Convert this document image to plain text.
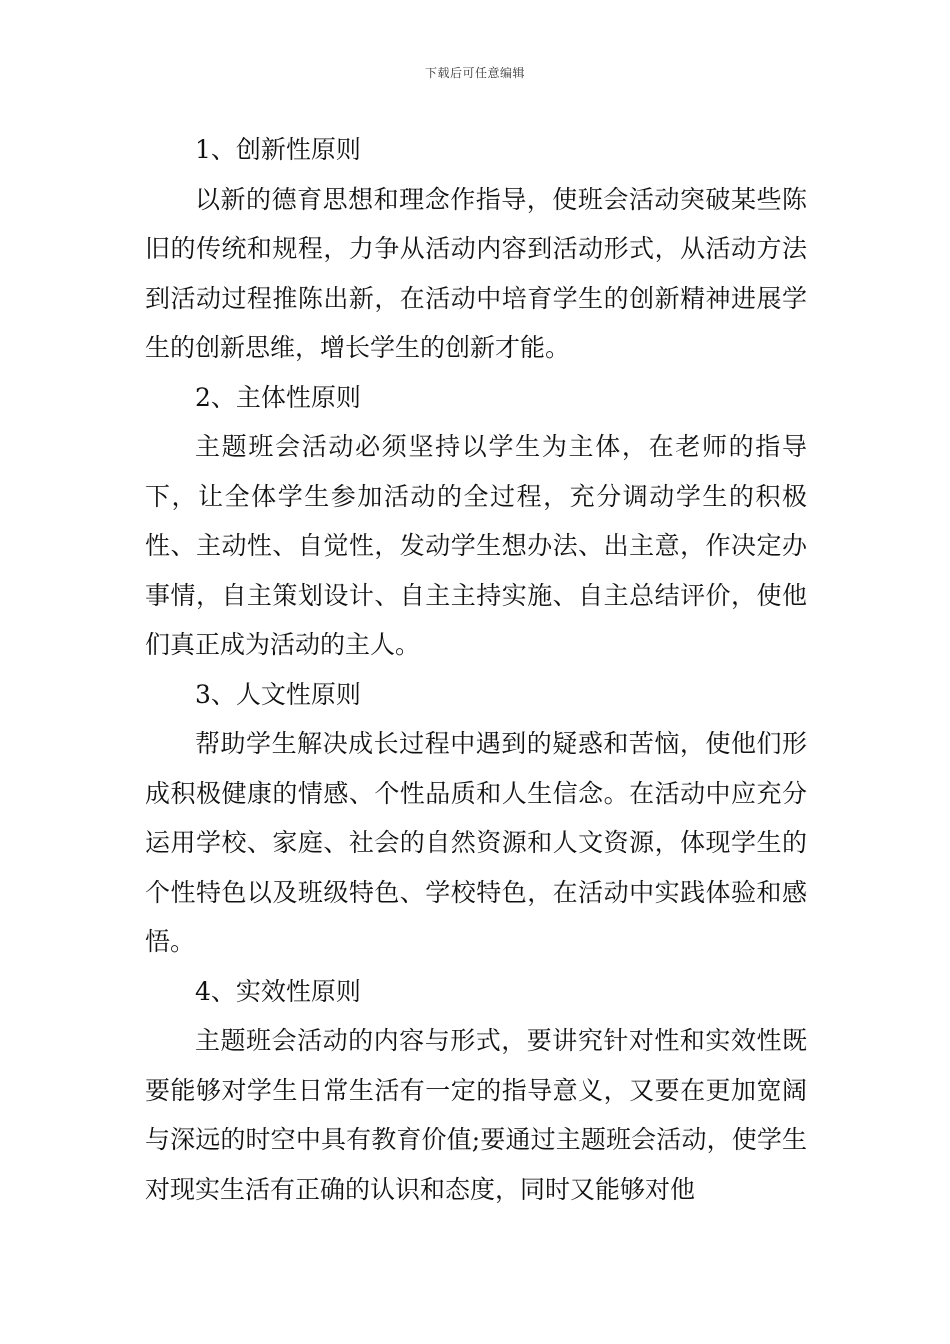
下载后可任意编辑

1、创新性原则

以新的德育思想和理念作指导，使班会活动突破某些陈旧的传统和规程，力争从活动内容到活动形式，从活动方法到活动过程推陈出新，在活动中培育学生的创新精神进展学生的创新思维，增长学生的创新才能。

2、主体性原则

主题班会活动必须坚持以学生为主体，在老师的指导下，让全体学生参加活动的全过程，充分调动学生的积极性、主动性、自觉性，发动学生想办法、出主意，作决定办事情，自主策划设计、自主主持实施、自主总结评价，使他们真正成为活动的主人。

3、人文性原则

帮助学生解决成长过程中遇到的疑惑和苦恼，使他们形成积极健康的情感、个性品质和人生信念。在活动中应充分运用学校、家庭、社会的自然资源和人文资源，体现学生的个性特色以及班级特色、学校特色，在活动中实践体验和感悟。

4、实效性原则

主题班会活动的内容与形式，要讲究针对性和实效性既要能够对学生日常生活有一定的指导意义，又要在更加宽阔与深远的时空中具有教育价值;要通过主题班会活动，使学生对现实生活有正确的认识和态度，同时又能够对他
